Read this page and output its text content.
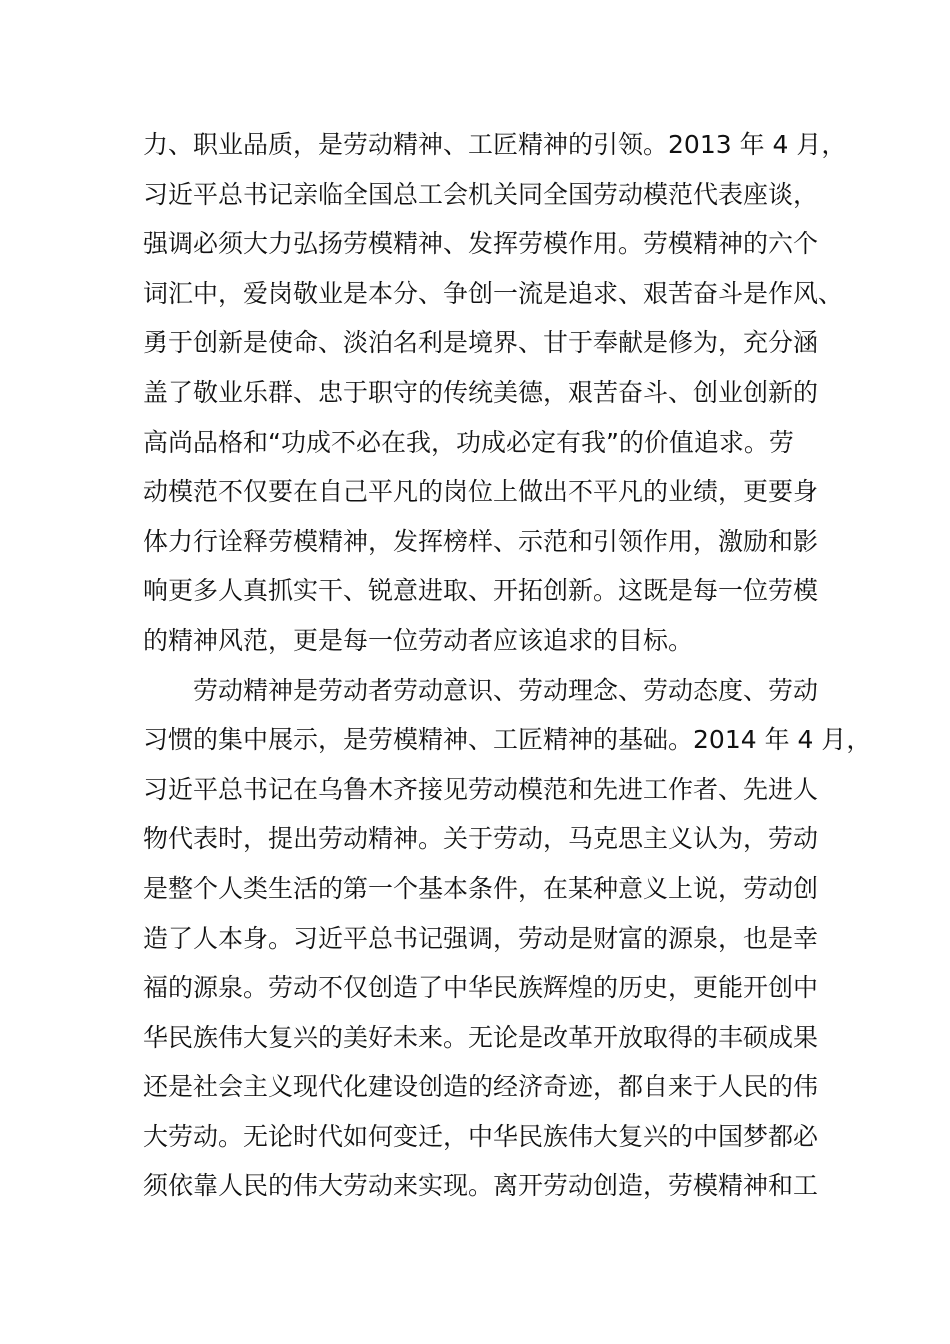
力、职业品质，是劳动精神、工匠精神的引领。2013 年 4 月，
习近平总书记亲临全国总工会机关同全国劳动模范代表座谈，
强调必须大力弘扬劳模精神、发挥劳模作用。劳模精神的六个
词汇中，爱岗敬业是本分、争创一流是追求、艰苦奋斗是作风、
勇于创新是使命、淡泊名利是境界、甘于奉献是修为，充分涵
盖了敬业乐群、忠于职守的传统美德，艰苦奋斗、创业创新的
高尚品格和“功成不必在我，功成必定有我”的价值追求。劳
动模范不仅要在自己平凡的岗位上做出不平凡的业绩，更要身
体力行诠释劳模精神，发挥榜样、示范和引领作用，激励和影
响更多人真抓实干、锐意进取、开拓创新。这既是每一位劳模
的精神风范，更是每一位劳动者应该追求的目标。
　　劳动精神是劳动者劳动意识、劳动理念、劳动态度、劳动
习惯的集中展示，是劳模精神、工匠精神的基础。2014 年 4 月，
习近平总书记在乌鲁木齐接见劳动模范和先进工作者、先进人
物代表时，提出劳动精神。关于劳动，马克思主义认为，劳动
是整个人类生活的第一个基本条件，在某种意义上说，劳动创
造了人本身。习近平总书记强调，劳动是财富的源泉，也是幸
福的源泉。劳动不仅创造了中华民族辉煌的历史，更能开创中
华民族伟大复兴的美好未来。无论是改革开放取得的丰硕成果
还是社会主义现代化建设创造的经济奇迹，都自来于人民的伟
大劳动。无论时代如何变迁，中华民族伟大复兴的中国梦都必
须依靠人民的伟大劳动来实现。离开劳动创造，劳模精神和工
